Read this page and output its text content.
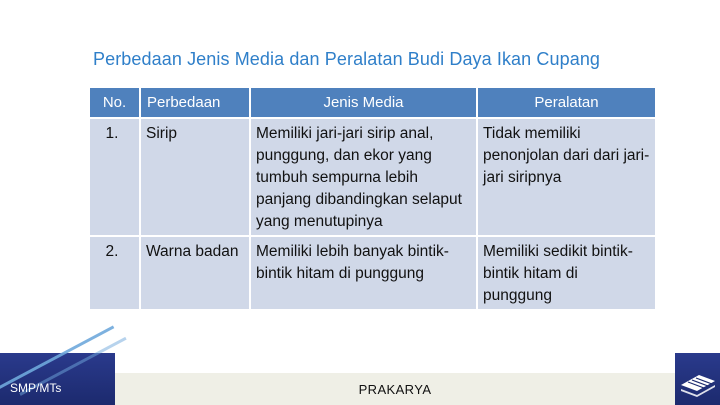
Perbedaan Jenis Media dan Peralatan Budi Daya Ikan Cupang
No.	Perbedaan	Jenis Media	Peralatan
1.	Sirip	Memiliki jari-jari sirip anal, punggung, dan ekor yang tumbuh sempurna lebih panjang dibandingkan selaput yang menutupinya	Tidak memiliki penonjolan dari dari jari-jari siripnya
2.	Warna badan	Memiliki lebih banyak bintik-bintik hitam di punggung	Memiliki sedikit bintik-bintik hitam di punggung
SMP/MTs	PRAKARYA
